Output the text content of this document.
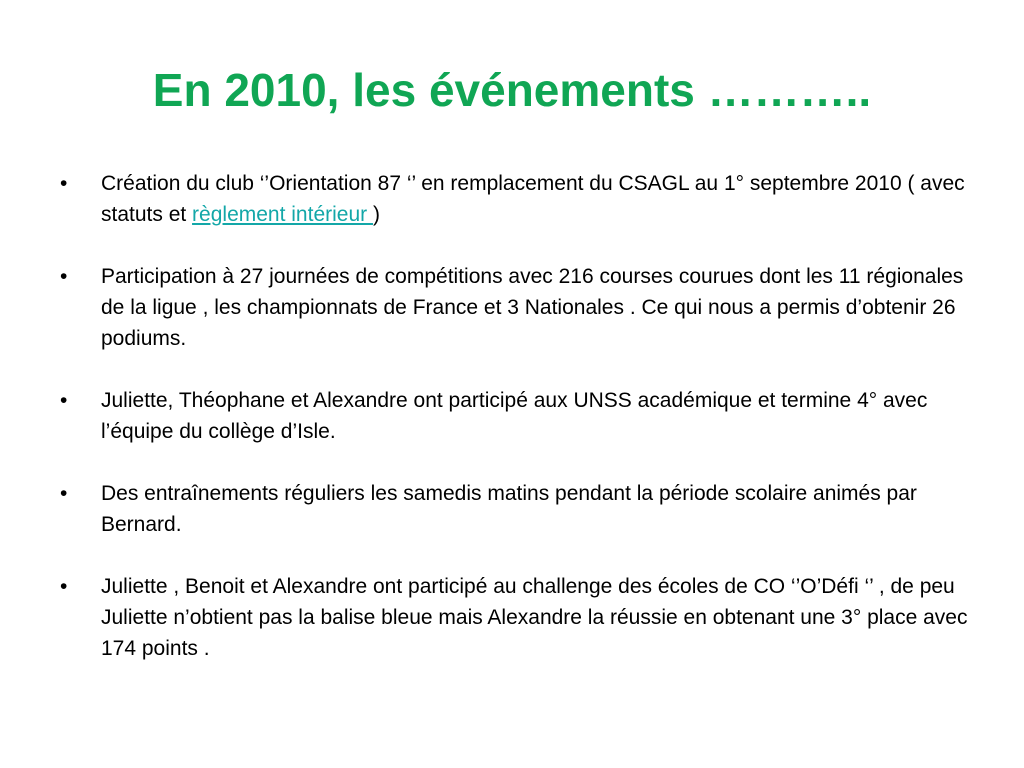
En 2010, les événements ………..
•	Création du club ‘’Orientation 87 ‘’ en remplacement du CSAGL au 1° septembre 2010 ( avec statuts et règlement intérieur )
•	Participation à 27 journées de compétitions avec 216 courses courues dont les 11 régionales de la ligue , les championnats de France et 3 Nationales . Ce qui nous a permis d’obtenir 26 podiums.
•	Juliette, Théophane et Alexandre ont participé aux UNSS académique et termine 4° avec l’équipe du collège d’Isle.
•	Des entraînements réguliers les samedis matins pendant la période scolaire animés par Bernard.
•	Juliette , Benoit et Alexandre ont participé au challenge des écoles de CO ‘’O’Défi ‘’ , de peu Juliette n’obtient pas la balise bleue mais Alexandre la réussie en obtenant une 3° place avec 174 points .
